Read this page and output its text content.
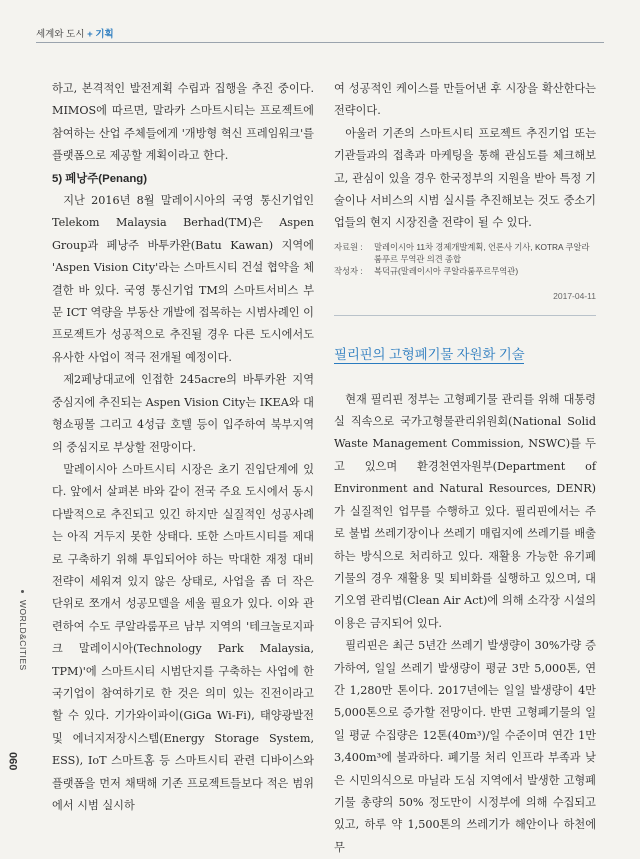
세계와 도시 + 기획

하고, 본격적인 발전계획 수립과 집행을 추진 중이다. MIMOS에 따르면, 말라카 스마트시티는 프로젝트에 참여하는 산업 주체들에게 '개방형 혁신 프레임워크'를 플랫폼으로 제공할 계획이라고 한다.

5) 페낭주(Penang)

지난 2016년 8월 말레이시아의 국영 통신기업인 Telekom Malaysia Berhad(TM)은 Aspen Group과 페낭주 바투카완(Batu Kawan) 지역에 'Aspen Vision City'라는 스마트시티 건설 협약을 체결한 바 있다. 국영 통신기업 TM의 스마트서비스 부문 ICT 역량을 부동산 개발에 접목하는 시범사례인 이 프로젝트가 성공적으로 추진될 경우 다른 도시에서도 유사한 사업이 적극 전개될 예정이다.

제2페낭대교에 인접한 245acre의 바투카완 지역 중심지에 추진되는 Aspen Vision City는 IKEA와 대형쇼핑몰 그리고 4성급 호텔 등이 입주하여 북부지역의 중심지로 부상할 전망이다.

말레이시아 스마트시티 시장은 초기 진입단계에 있다. 앞에서 살펴본 바와 같이 전국 주요 도시에서 동시다발적으로 추진되고 있긴 하지만 실질적인 성공사례는 아직 거두지 못한 상태다. 또한 스마트시티를 제대로 구축하기 위해 투입되어야 하는 막대한 재정 대비 전략이 세워져 있지 않은 상태로, 사업을 좀 더 작은 단위로 쪼개서 성공모델을 세울 필요가 있다. 이와 관련하여 수도 쿠알라룸푸르 남부 지역의 '테크놀로지파크 말레이시아(Technology Park Malaysia, TPM)'에 스마트시티 시범단지를 구축하는 사업에 한국기업이 참여하기로 한 것은 의미 있는 진전이라고 할 수 있다. 기가와이파이(GiGa Wi-Fi), 태양광발전 및 에너지저장시스템(Energy Storage System, ESS), IoT 스마트홈 등 스마트시티 관련 디바이스와 플랫폼을 먼저 채택해 기존 프로젝트들보다 적은 범위에서 시범 실시하

여 성공적인 케이스를 만들어낸 후 시장을 확산한다는 전략이다.

아울러 기존의 스마트시티 프로젝트 추진기업 또는 기관들과의 접촉과 마케팅을 통해 관심도를 체크해보고, 관심이 있을 경우 한국정부의 지원을 받아 특정 기술이나 서비스의 시범 실시를 추진해보는 것도 중소기업들의 현지 시장진출 전략이 될 수 있다.

자료원 :	말레이시아 11차 경제개발계획, 언론사 기사, KOTRA 쿠알라룸푸르 무역관 의견 종합
작성자 :	복덕규(말레이시아 쿠알라룸푸르무역관)
2017-04-11
필리핀의 고형폐기물 자원화 기술

현재 필리핀 정부는 고형폐기물 관리를 위해 대통령실 직속으로 국가고형물관리위원회(National Solid Waste Management Commission, NSWC)를 두고 있으며 환경천연자원부(Department of Environment and Natural Resources, DENR)가 실질적인 업무를 수행하고 있다. 필리핀에서는 주로 불법 쓰레기장이나 쓰레기 매립지에 쓰레기를 배출하는 방식으로 처리하고 있다. 재활용 가능한 유기폐기물의 경우 재활용 및 퇴비화를 실행하고 있으며, 대기오염 관리법(Clean Air Act)에 의해 소각장 시설의 이용은 금지되어 있다.

필리핀은 최근 5년간 쓰레기 발생량이 30%가량 증가하여, 일일 쓰레기 발생량이 평균 3만 5,000톤, 연간 1,280만 톤이다. 2017년에는 일일 발생량이 4만 5,000톤으로 증가할 전망이다. 반면 고형폐기물의 일일 평균 수집량은 12톤(40m³)/일 수준이며 연간 1만 3,400m³에 불과하다. 폐기물 처리 인프라 부족과 낮은 시민의식으로 마닐라 도심 지역에서 발생한 고형폐기물 총량의 50% 정도만이 시정부에 의해 수집되고 있고, 하루 약 1,500톤의 쓰레기가 해안이나 하천에 무

090
WORLD&CITIES
